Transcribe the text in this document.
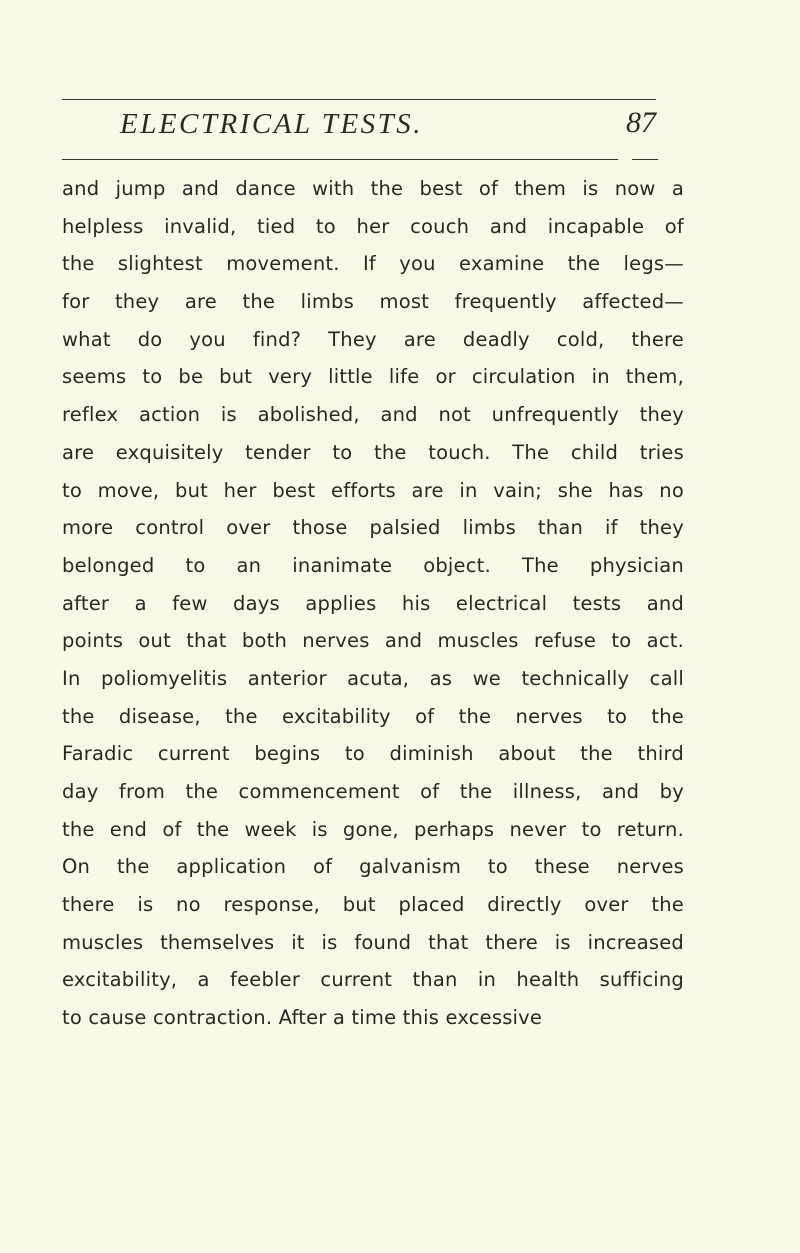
ELECTRICAL TESTS.	87
and jump and dance with the best of them is now a
helpless invalid, tied to her couch and incapable of
the slightest movement. If you examine the legs—
for they are the limbs most frequently affected—
what do you find? They are deadly cold, there
seems to be but very little life or circulation in them,
reflex action is abolished, and not unfrequently they
are exquisitely tender to the touch. The child tries
to move, but her best efforts are in vain; she has no
more control over those palsied limbs than if they
belonged to an inanimate object. The physician
after a few days applies his electrical tests and
points out that both nerves and muscles refuse to act.
In poliomyelitis anterior acuta, as we technically call
the disease, the excitability of the nerves to the
Faradic current begins to diminish about the third
day from the commencement of the illness, and by
the end of the week is gone, perhaps never to return.
On the application of galvanism to these nerves
there is no response, but placed directly over the
muscles themselves it is found that there is increased
excitability, a feebler current than in health sufficing
to cause contraction. After a time this excessive
